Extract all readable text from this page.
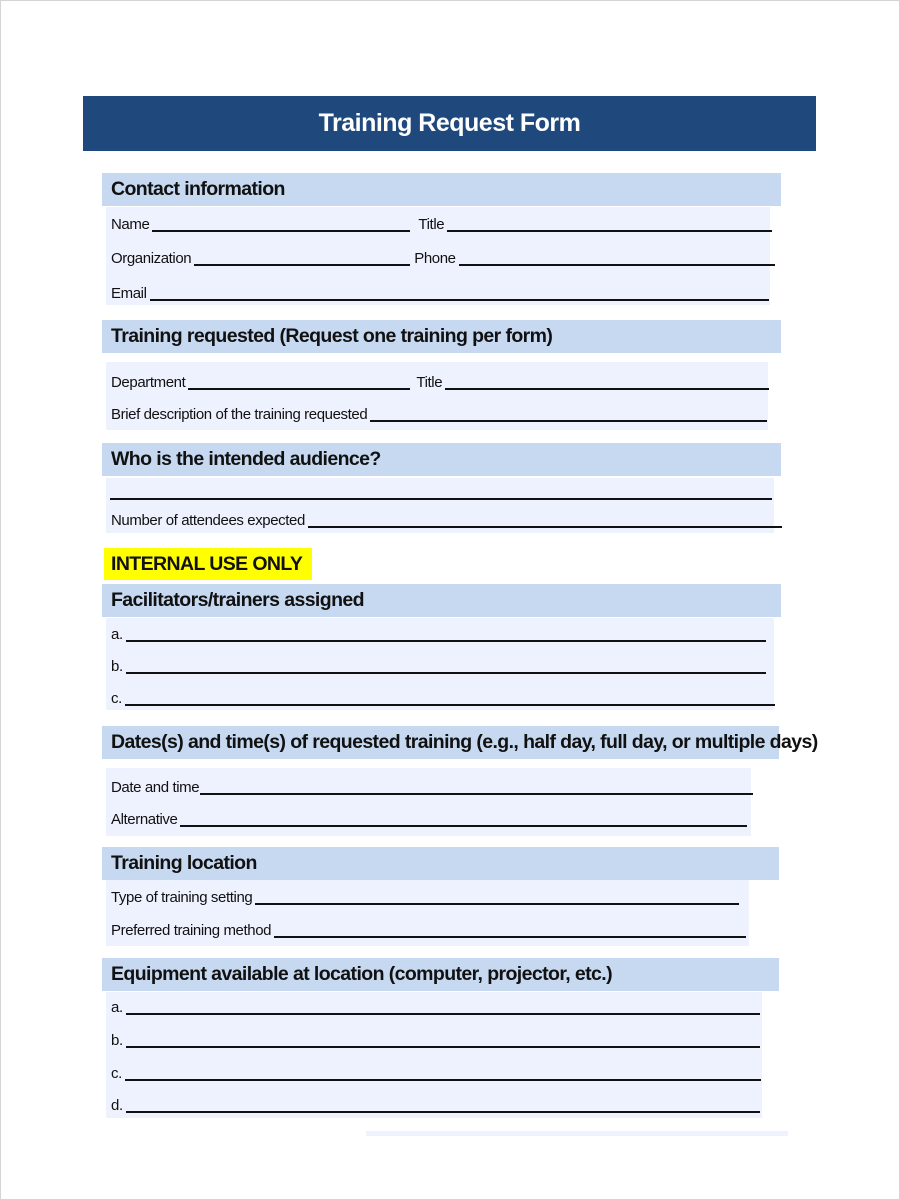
Training Request Form
Contact information
Name	Title
Organization	Phone
Email
Training requested (Request one training per form)
Department	Title
Brief description of the training requested
Who is the intended audience?
Number of attendees expected
INTERNAL USE ONLY
Facilitators/trainers assigned
a.
b.
c.
Dates(s) and time(s) of requested training (e.g., half day, full day, or multiple days)
Date and time
Alternative
Training location
Type of training setting
Preferred training method
Equipment available at location (computer, projector, etc.)
a.
b.
c.
d.
